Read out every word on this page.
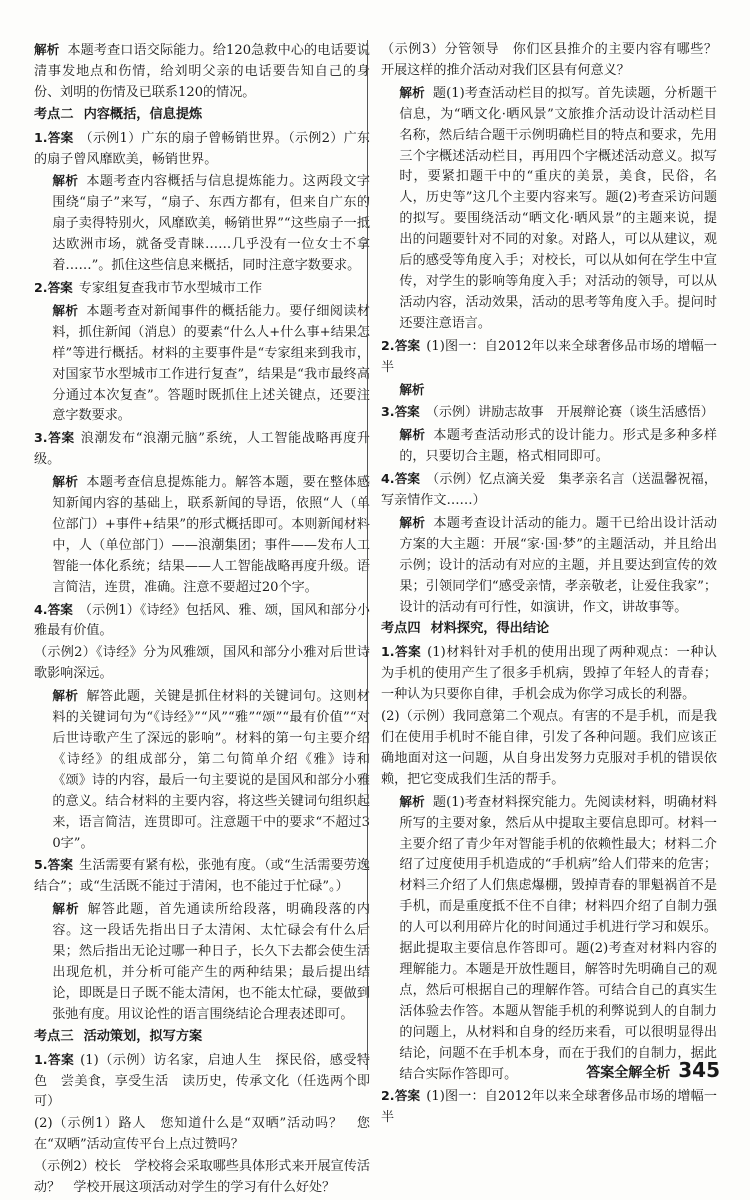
解析 本题考查口语交际能力。给120急救中心的电话要说清事发地点和伤情，给刘明父亲的电话要告知自己的身份、刘明的伤情及已联系120的情况。

考点二 内容概括，信息提炼

1.答案 （示例1）广东的扇子曾畅销世界。（示例2）广东的扇子曾风靡欧美，畅销世界。

解析 本题考查内容概括与信息提炼能力。这两段文字围绕“扇子”来写，“扇子、东西方都有，但来自广东的扇子卖得特别火，风靡欧美，畅销世界”“这些扇子一抵达欧洲市场，就备受青睐……几乎没有一位女士不拿着……”。抓住这些信息来概括，同时注意字数要求。

2.答案 专家组复查我市节水型城市工作

解析 本题考查对新闻事件的概括能力。要仔细阅读材料，抓住新闻（消息）的要素“什么人+什么事+结果怎样”等进行概括。材料的主要事件是“专家组来到我市，对国家节水型城市工作进行复查”，结果是“我市最终高分通过本次复查”。答题时既抓住上述关键点，还要注意字数要求。

3.答案 浪潮发布“浪潮元脑”系统，人工智能战略再度升级。

解析 本题考查信息提炼能力。解答本题，要在整体感知新闻内容的基础上，联系新闻的导语，依照“人（单位部门）+事件+结果”的形式概括即可。本则新闻材料中，人（单位部门）——浪潮集团；事件——发布人工智能一体化系统；结果——人工智能战略再度升级。语言简洁，连贯，准确。注意不要超过20个字。

4.答案 （示例1）《诗经》包括风、雅、颂，国风和部分小雅最有价值。

（示例2）《诗经》分为风雅颂，国风和部分小雅对后世诗歌影响深远。

解析 解答此题，关键是抓住材料的关键词句。这则材料的关键词句为“《诗经》”“风”“雅”“颂”“最有价值”“对后世诗歌产生了深远的影响”。材料的第一句主要介绍《诗经》的组成部分，第二句简单介绍《雅》诗和《颂》诗的内容，最后一句主要说的是国风和部分小雅的意义。结合材料的主要内容，将这些关键词句组织起来，语言简洁，连贯即可。注意题干中的要求“不超过30字”。

5.答案 生活需要有紧有松，张弛有度。（或“生活需要劳逸结合”；或“生活既不能过于清闲，也不能过于忙碌”。）

解析 解答此题，首先通读所给段落，明确段落的内容。这一段话先指出日子太清闲、太忙碌会有什么后果；然后指出无论过哪一种日子，长久下去都会使生活出现危机，并分析可能产生的两种结果；最后提出结论，即既是日子既不能太清闲，也不能太忙碌，要做到张弛有度。用议论性的语言围绕结论合理表述即可。

考点三 活动策划，拟写方案

1.答案 (1)（示例）访名家，启迪人生　探民俗，感受特色　尝美食，享受生活　读历史，传承文化（任选两个即可）

(2)（示例1）路人　您知道什么是“双晒”活动吗？　您在“双晒”活动宣传平台上点过赞吗？

（示例2）校长　学校将会采取哪些具体形式来开展宣传活动？　学校开展这项活动对学生的学习有什么好处？

（示例3）分管领导　你们区县推介的主要内容有哪些？　开展这样的推介活动对我们区县有何意义？

解析 题(1)考查活动栏目的拟写。首先读题，分析题干信息，为“晒文化·晒风景”文旅推介活动设计活动栏目名称，然后结合题干示例明确栏目的特点和要求，先用三个字概述活动栏目，再用四个字概述活动意义。拟写时，要紧扣题干中的“重庆的美景，美食，民俗，名人，历史等”这几个主要内容来写。题(2)考查采访问题的拟写。要围绕活动“晒文化·晒风景”的主题来说，提出的问题要针对不同的对象。对路人，可以从建议，观后的感受等角度入手；对校长，可以从如何在学生中宣传，对学生的影响等角度入手；对活动的领导，可以从活动内容，活动效果，活动的思考等角度入手。提问时还要注意语言。

2.答案 (1)图一：自2012年以来全球奢侈品市场的增幅一半

解析

3.答案 （示例）讲励志故事　开展辩论赛（谈生活感悟）

解析 本题考查活动形式的设计能力。形式是多种多样的，只要切合主题，格式相同即可。

4.答案 （示例）忆点滴关爱　集孝亲名言（送温馨祝福，写亲情作文……）

解析 本题考查设计活动的能力。题干已给出设计活动方案的大主题：开展“家·国·梦”的主题活动，并且给出示例；设计的活动有对应的主题，并且要达到宣传的效果；引领同学们“感受亲情，孝亲敬老，让爱住我家”；设计的活动有可行性，如演讲，作文，讲故事等。

考点四 材料探究，得出结论

1.答案 (1)材料针对手机的使用出现了两种观点：一种认为手机的使用产生了很多手机病，毁掉了年轻人的青春；一种认为只要你自律，手机会成为你学习成长的利器。

(2)（示例）我同意第二个观点。有害的不是手机，而是我们在使用手机时不能自律，引发了各种问题。我们应该正确地面对这一问题，从自身出发努力克服对手机的错误依赖，把它变成我们生活的帮手。

解析 题(1)考查材料探究能力。先阅读材料，明确材料所写的主要对象，然后从中提取主要信息即可。材料一主要介绍了青少年对智能手机的依赖性最大；材料二介绍了过度使用手机造成的“手机病”给人们带来的危害；材料三介绍了人们焦虑爆棚，毁掉青春的罪魁祸首不是手机，而是重度抵不住不自律；材料四介绍了自制力强的人可以利用碎片化的时间通过手机进行学习和娱乐。据此提取主要信息作答即可。题(2)考查对材料内容的理解能力。本题是开放性题目，解答时先明确自己的观点，然后可根据自己的理解作答。可结合自己的真实生活体验去作答。本题从智能手机的利弊说到人的自制力的问题上，从材料和自身的经历来看，可以很明显得出结论，问题不在手机本身，而在于我们的自制力，据此结合实际作答即可。

2.答案 (1)图一：自2012年以来全球奢侈品市场的增幅一半

答案全解全析 345
